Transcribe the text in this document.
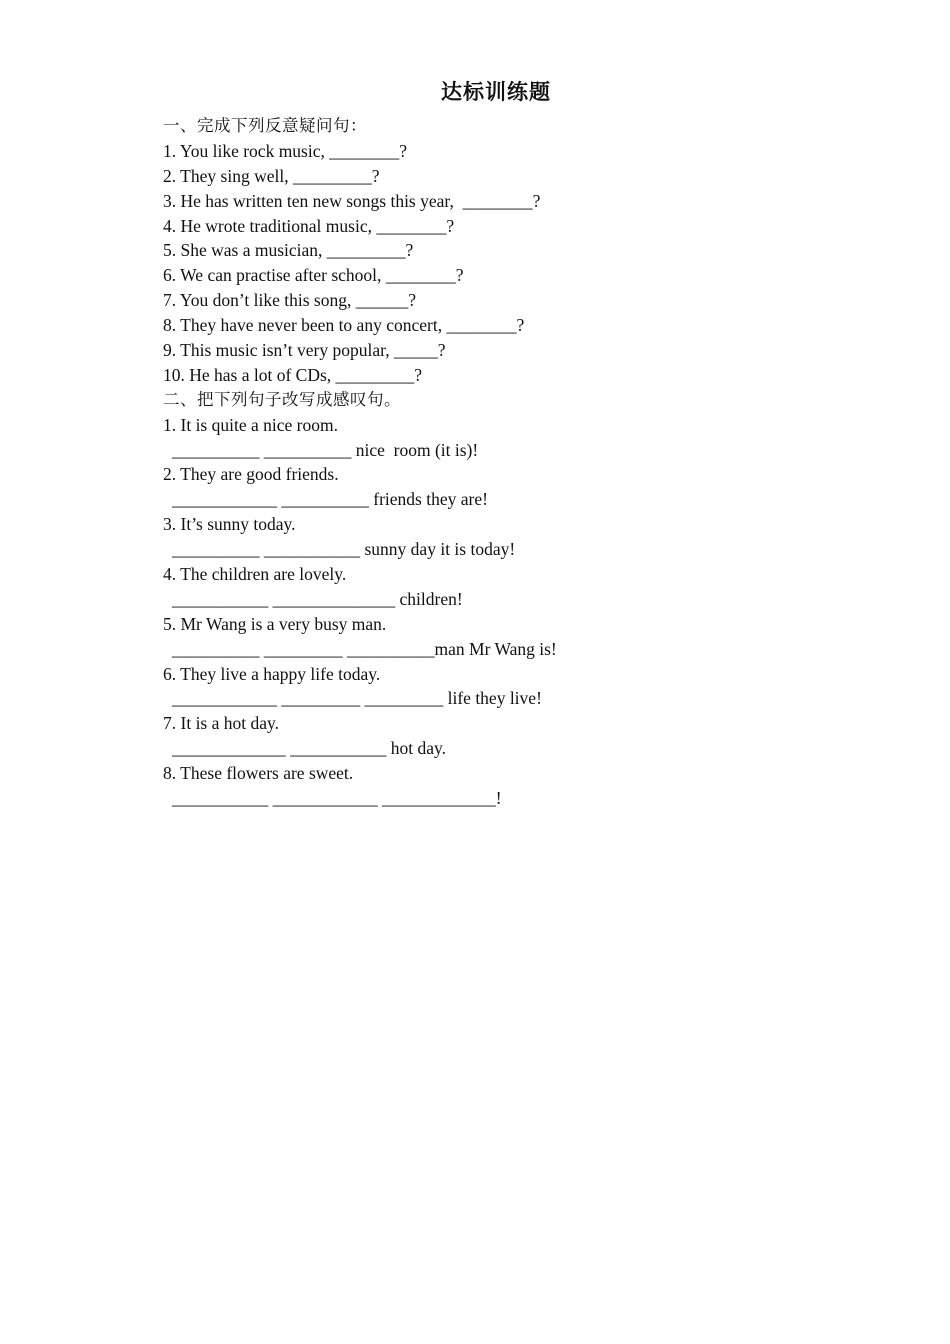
达标训练题
一、完成下列反意疑问句：
1. You like rock music, ________?
2. They sing well, _________?
3. He has written ten new songs this year,  ________?
4. He wrote traditional music, ________?
5. She was a musician, _________?
6. We can practise after school, ________?
7. You don’t like this song, ______?
8. They have never been to any concert, ________?
9. This music isn’t very popular, _____?
10. He has a lot of CDs, _________?
二、把下列句子改写成感叹句。
1. It is quite a nice room.
__________ __________ nice  room (it is)!
2. They are good friends.
____________ __________ friends they are!
3. It’s sunny today.
__________ ___________ sunny day it is today!
4. The children are lovely.
___________ ______________ children!
5. Mr Wang is a very busy man.
__________ _________ __________man Mr Wang is!
6. They live a happy life today.
____________ _________ _________ life they live!
7. It is a hot day.
_____________ ___________ hot day.
8. These flowers are sweet.
___________ ____________ _____________!
